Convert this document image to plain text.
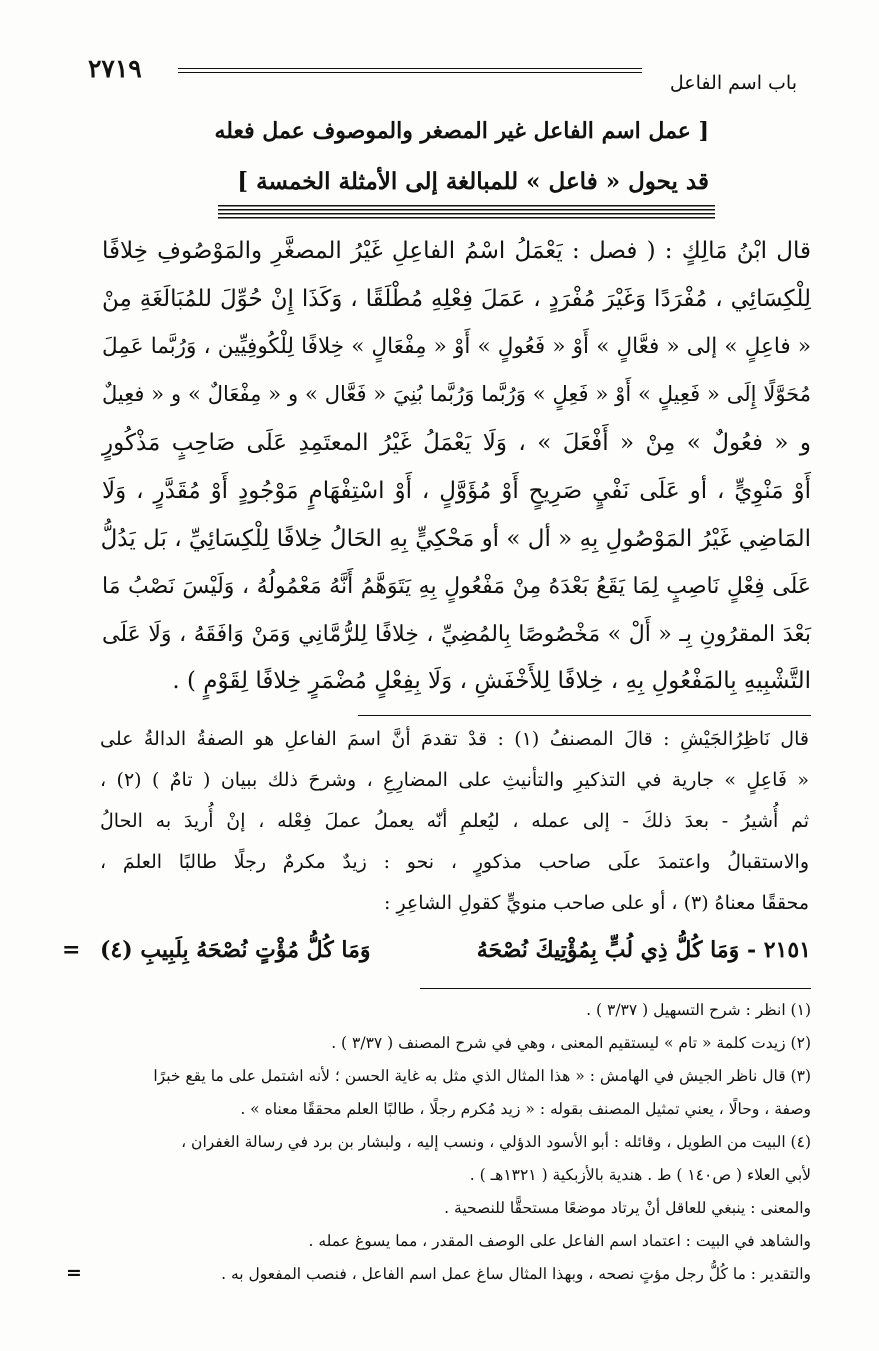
٢٧١٩	باب اسم الفاعل
[ عمل اسم الفاعل غير المصغر والموصوف عمل فعله
قد يحول « فاعل » للمبالغة إلى الأمثلة الخمسة ]
قال ابْنُ مَالِكٍ : ( فصل : يَعْمَلُ اسْمُ الفاعِلِ غَيْرُ المصغَّرِ والمَوْصُوفِ خِلافًا
لِلْكِسَائِي ، مُفْرَدًا وَغَيْرَ مُفْرَدٍ ، عَمَلَ فِعْلِهِ مُطْلَقًا ، وَكَذَا إِنْ حُوِّلَ للمُبَالَغَةِ مِنْ
« فاعِلٍ » إلى « فعَّالٍ » أَوْ « فَعُولٍ » أَوْ « مِفْعَالٍ » خِلافًا لِلْكُوفِيِّين ، وَرُبَّما عَمِلَ
مُحَوَّلًا إِلَى « فَعِيلٍ » أَوْ « فَعِلٍ » وَرُبَّما وَرُبَّما بُنِيَ « فَعَّال » و « مِفْعَالٌ » و « فعِيلٌ
و « فعُولٌ » مِنْ « أَفْعَلَ » ، وَلَا يَعْمَلُ غَيْرُ المعتَمِدِ عَلَى صَاحِبٍ مَذْكُورٍ
أَوْ مَنْوِيٍّ ، أو عَلَى نَفْيٍ صَرِيحٍ أَوْ مُؤَوَّلٍ ، أَوْ اسْتِفْهَامٍ مَوْجُودٍ أَوْ مُقَدَّرٍ ، وَلَا
المَاضِي غَيْرُ المَوْصُولِ بِهِ « أل » أو مَحْكِيٍّ بِهِ الحَالُ خِلافًا لِلْكِسَائِيِّ ، بَل يَدُلُّ
عَلَى فِعْلٍ نَاصِبٍ لِمَا يَقَعُ بَعْدَهُ مِنْ مَفْعُولٍ بِهِ يَتَوَهَّمُ أَنَّهُ مَعْمُولُهُ ، وَلَيْسَ نَصْبُ مَا
بَعْدَ المقرُونِ بِـ « أَلْ » مَخْصُوصًا بِالمُضِيِّ ، خِلافًا لِلرُّمَّانِي وَمَنْ وَافَقَهُ ، وَلَا عَلَى
التَّشْبِيهِ بِالمَفْعُولِ بِهِ ، خِلافًا لِلأَخْفَشِ ، وَلَا بِفِعْلٍ مُضْمَرٍ خِلافًا لِقَوْمٍ ) .
قال نَاظِرُالجَيْشِ : قالَ المصنفُ (١) : قدْ تقدمَ أنَّ اسمَ الفاعلِ هو الصفةُ الدالةُ على
« فَاعِلٍ » جارية في التذكيرِ والتأنيثِ على المضارِعِ ، وشرحَ ذلك ببيان ( تامٌ ) (٢) ،
ثم أُشيرُ - بعدَ ذلكَ - إلى عمله ، ليُعلمِ أنّه يعملُ عملَ فِعْله ، إنْ أُريدَ به الحالُ
والاستقبالُ واعتمدَ علَى صاحب مذكورٍ ، نحو : زيدٌ مكرمٌ رجلًا طالبًا العلمَ ،
محققًا معناهُ (٣) ، أو على صاحب منويٍّ كقولِ الشاعِرِ :
٢١٥١ - وَمَا كُلُّ ذِي لُبٍّ بِمُؤْتِيكَ نُصْحَهُ
وَمَا كُلُّ مُؤْتٍ نُصْحَهُ بِلَبِيبِ (٤)
=
(١) انظر : شرح التسهيل ( ٣/٣٧ ) .
(٢) زيدت كلمة « تام » ليستقيم المعنى ، وهي في شرح المصنف ( ٣/٣٧ ) .
(٣) قال ناظر الجيش في الهامش : « هذا المثال الذي مثل به غاية الحسن ؛ لأنه اشتمل على ما يقع خبرًا
وصفة ، وحالًا ، يعني تمثيل المصنف بقوله : « زيد مُكرم رجلًا ، طالبًا العلم محققًا معناه » .
(٤) البيت من الطويل ، وقائله : أبو الأسود الدؤلي ، ونسب إليه ، ولبشار بن برد في رسالة الغفران ،
لأبي العلاء ( ص١٤٠ ) ط . هندية بالأزبكية ( ١٣٢١هـ ) .
والمعنى : ينبغي للعاقل أنْ يرتاد موضعًا مستحقًّا للنصحية .
والشاهد في البيت : اعتماد اسم الفاعل على الوصف المقدر ، مما يسوغ عمله .
والتقدير : ما كُلُّ رجل مؤتٍ نصحه ، وبهذا المثال ساغ عمل اسم الفاعل ، فنصب المفعول به .
=
